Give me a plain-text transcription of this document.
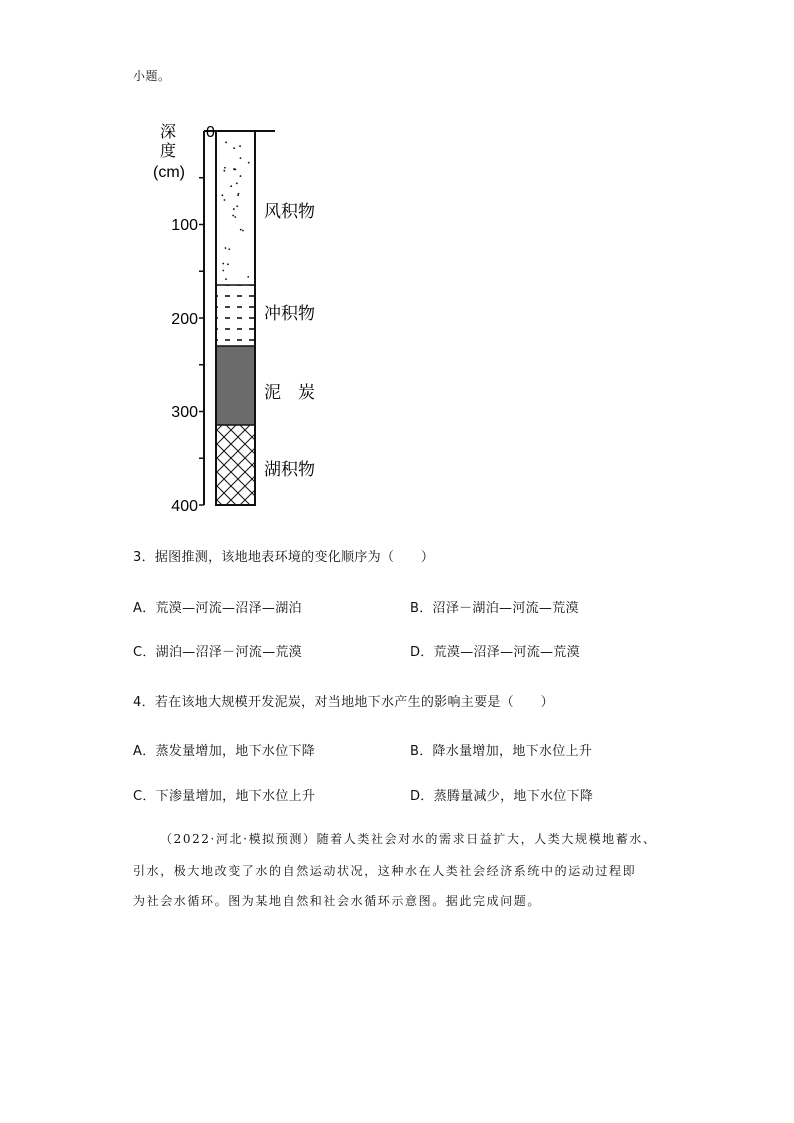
小题。
深
度
(cm)
0
100
200
300
400
风积物
冲积物
泥　炭
湖积物
3．据图推测，该地地表环境的变化顺序为（　　）
A．荒漠—河流—沼泽—湖泊	B．沼泽－湖泊—河流—荒漠
C．湖泊—沼泽－河流—荒漠	D．荒漠—沼泽—河流—荒漠
4．若在该地大规模开发泥炭，对当地地下水产生的影响主要是（　　）
A．蒸发量增加，地下水位下降	B．降水量增加，地下水位上升
C．下渗量增加，地下水位上升	D．蒸腾量减少，地下水位下降
（2022·河北·模拟预测）随着人类社会对水的需求日益扩大，人类大规模地蓄水、
引水，极大地改变了水的自然运动状况，这种水在人类社会经济系统中的运动过程即
为社会水循环。图为某地自然和社会水循环示意图。据此完成问题。
